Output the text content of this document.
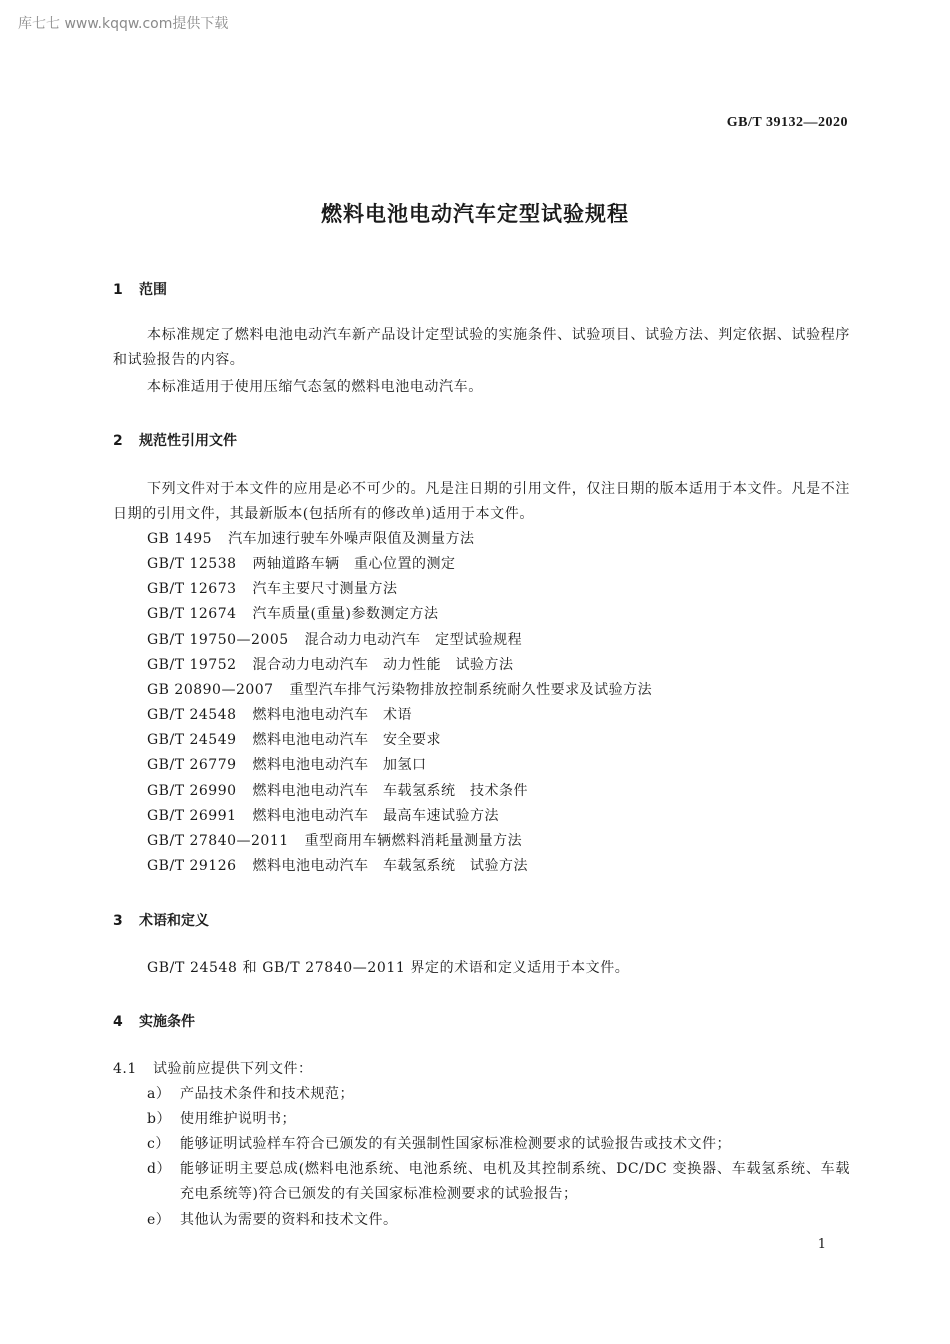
库七七 www.kqqw.com提供下载
GB/T 39132—2020
燃料电池电动汽车定型试验规程
1 范围
本标准规定了燃料电池电动汽车新产品设计定型试验的实施条件、试验项目、试验方法、判定依据、试验程序和试验报告的内容。
本标准适用于使用压缩气态氢的燃料电池电动汽车。
2 规范性引用文件
下列文件对于本文件的应用是必不可少的。凡是注日期的引用文件，仅注日期的版本适用于本文件。凡是不注日期的引用文件，其最新版本(包括所有的修改单)适用于本文件。
GB 1495 汽车加速行驶车外噪声限值及测量方法
GB/T 12538 两轴道路车辆　重心位置的测定
GB/T 12673 汽车主要尺寸测量方法
GB/T 12674 汽车质量(重量)参数测定方法
GB/T 19750—2005 混合动力电动汽车　定型试验规程
GB/T 19752 混合动力电动汽车　动力性能　试验方法
GB 20890—2007 重型汽车排气污染物排放控制系统耐久性要求及试验方法
GB/T 24548 燃料电池电动汽车　术语
GB/T 24549 燃料电池电动汽车　安全要求
GB/T 26779 燃料电池电动汽车　加氢口
GB/T 26990 燃料电池电动汽车　车载氢系统　技术条件
GB/T 26991 燃料电池电动汽车　最高车速试验方法
GB/T 27840—2011 重型商用车辆燃料消耗量测量方法
GB/T 29126 燃料电池电动汽车　车载氢系统　试验方法
3 术语和定义
GB/T 24548 和 GB/T 27840—2011 界定的术语和定义适用于本文件。
4 实施条件
4.1 试验前应提供下列文件：
a） 产品技术条件和技术规范；
b） 使用维护说明书；
c） 能够证明试验样车符合已颁发的有关强制性国家标准检测要求的试验报告或技术文件；
d） 能够证明主要总成(燃料电池系统、电池系统、电机及其控制系统、DC/DC 变换器、车载氢系统、车载充电系统等)符合已颁发的有关国家标准检测要求的试验报告；
e） 其他认为需要的资料和技术文件。
1
